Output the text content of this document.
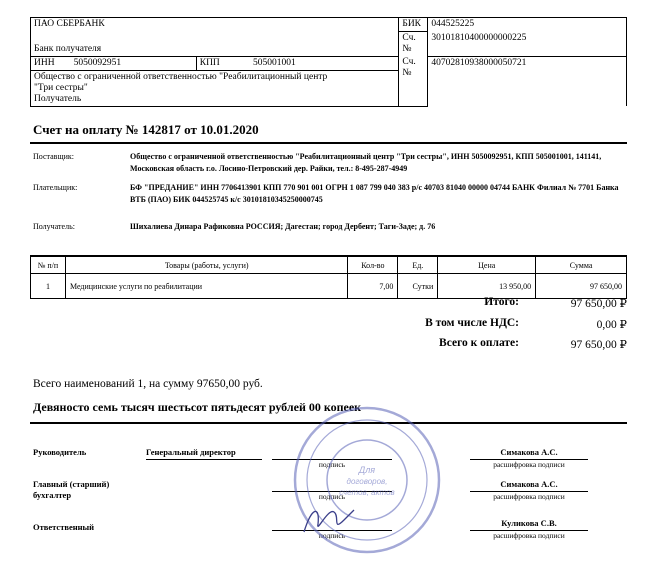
ПАО СБЕРБАНК		БИК	044525225
Банк получателя		Сч. №	30101810400000000225
ИНН 5050092951	КПП 505001001	Сч. №	40702810938000050721

Общество с ограниченной ответственностью "Реабилитационный центр
"Три сестры"
Получатель			
Счет на оплату № 142817 от 10.01.2020
Поставщик:	Общество с ограниченной ответственностью "Реабилитационный центр "Три сестры", ИНН 5050092951, КПП 505001001, 141141, Московская область г.о. Лосино-Петровский дер. Райки, тел.: 8-495-287-4949
Плательщик:	БФ "ПРЕДАНИЕ" ИНН 7706413901 КПП 770 901 001 ОГРН 1 087 799 040 383 р/с 40703 81040 00000 04744 БАНК Филиал № 7701 Банка ВТБ (ПАО) БИК 044525745 к/с 30101810345250000745
Получатель:	Шихалиева Динара Рафиковна РОССИЯ; Дагестан; город Дербент; Таги-Заде; д. 76
№ п/п	Товары (работы, услуги)	Кол-во	Ед.	Цена	Сумма
1	Медицинские услуги по реабилитации	7,00	Сутки	13 950,00	97 650,00
Итого:	97 650,00 ₽
В том числе НДС:	0,00 ₽
Всего к оплате:	97 650,00 ₽
Всего наименований 1, на сумму 97650,00 руб.
Девяносто семь тысяч шестьсот пятьдесят рублей 00 копеек
Руководитель	Генеральный директор
подпись
Симакова А.С.
расшифровка подписи
Главный (старший)
бухгалтер	подпись
Симакова А.С.
расшифровка подписи
Ответственный
подпись
Куликова С.В.
расшифровка подписи
Для
договоров,
счетов, актов
